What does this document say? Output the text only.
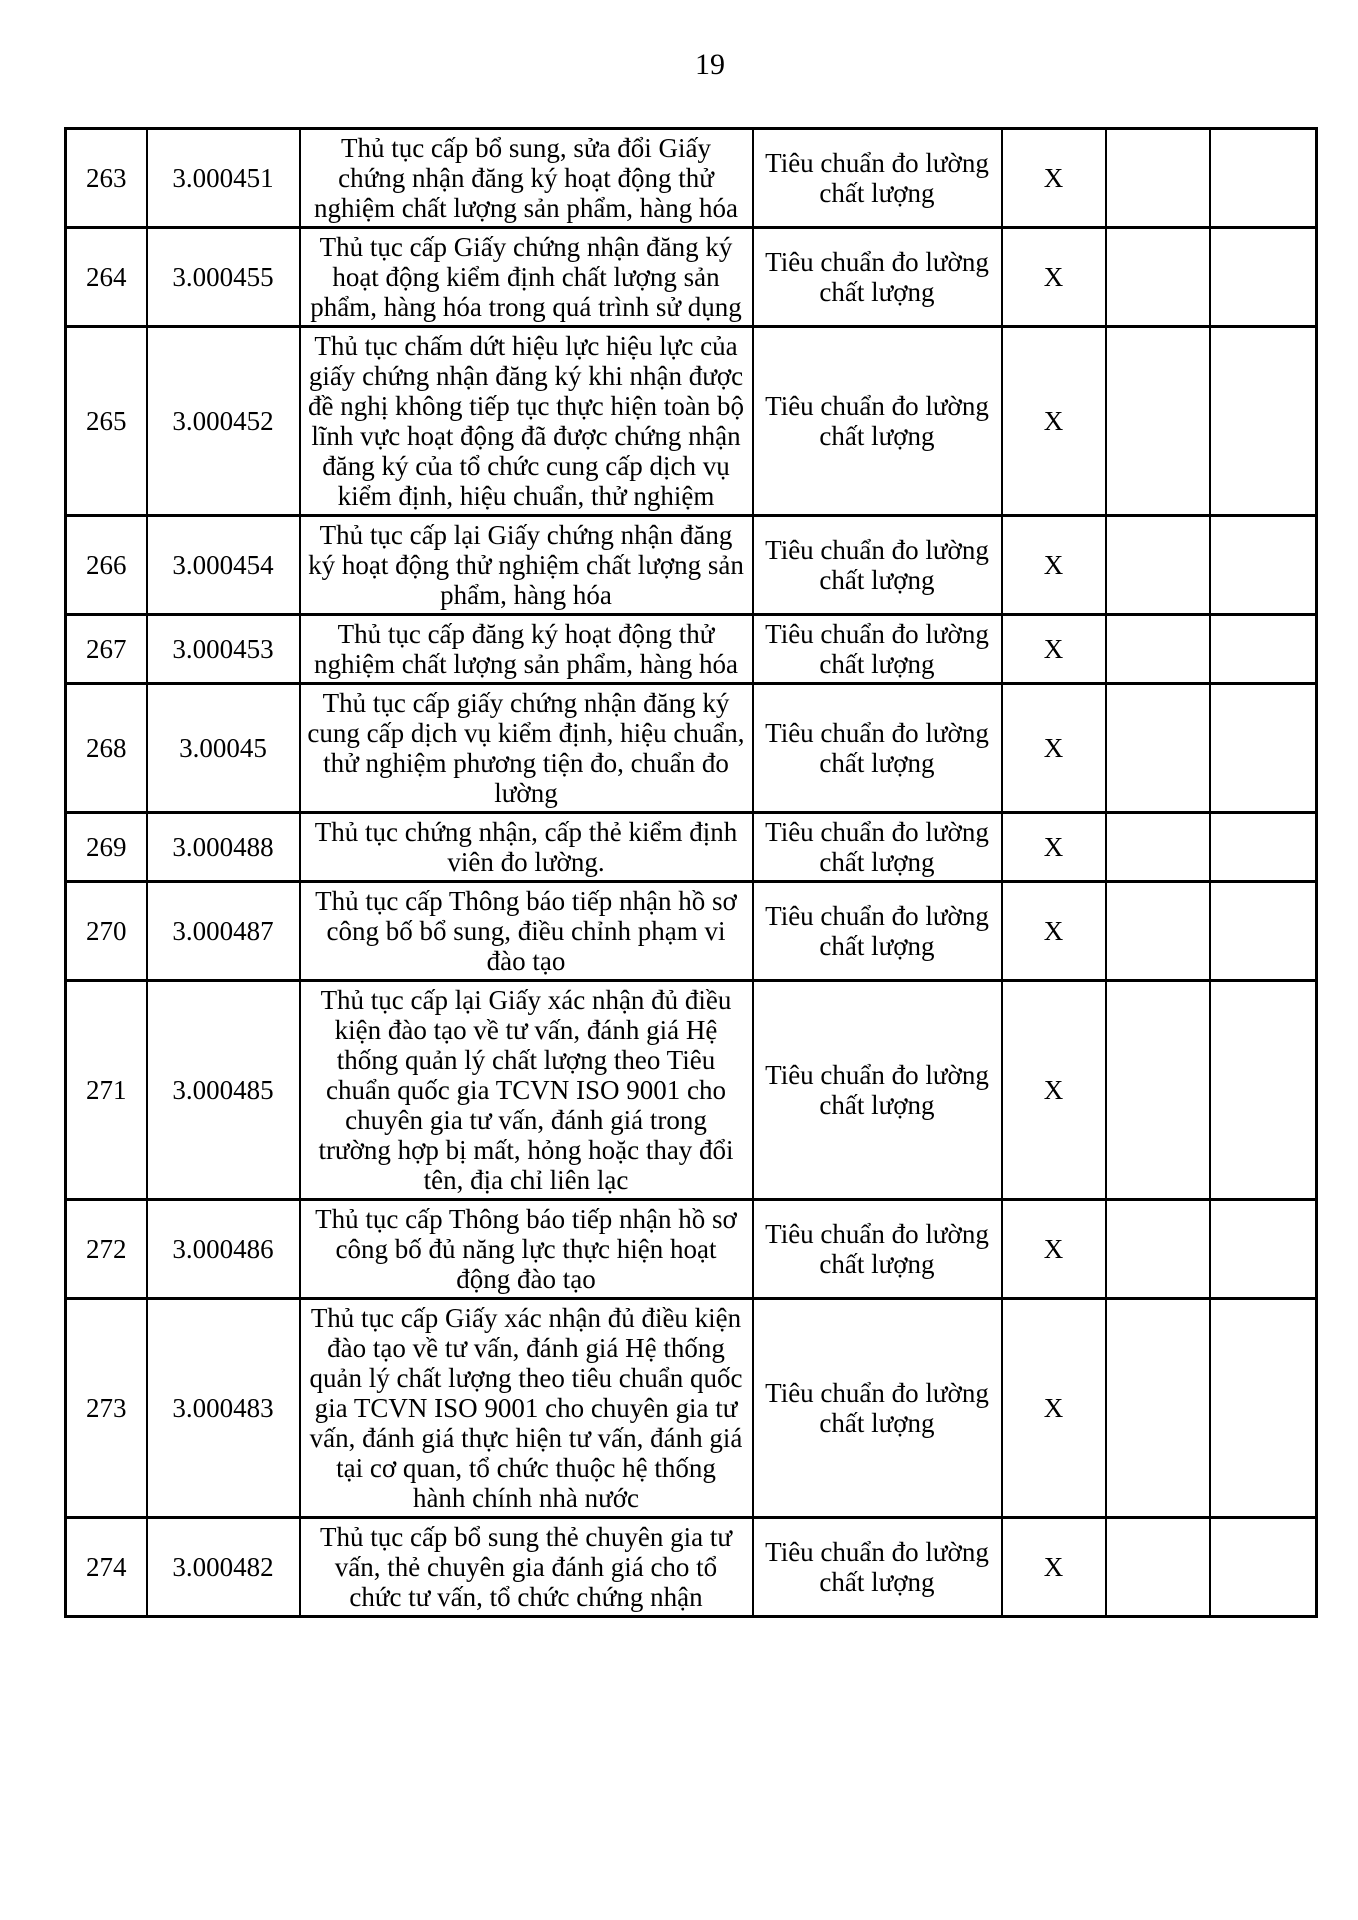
19
263	3.000451	Thủ tục cấp bổ sung, sửa đổi Giấy chứng nhận đăng ký hoạt động thử nghiệm chất lượng sản phẩm, hàng hóa	Tiêu chuẩn đo lường chất lượng	X		
264	3.000455	Thủ tục cấp Giấy chứng nhận đăng ký hoạt động kiểm định chất lượng sản phẩm, hàng hóa trong quá trình sử dụng	Tiêu chuẩn đo lường chất lượng	X		
265	3.000452	Thủ tục chấm dứt hiệu lực hiệu lực của giấy chứng nhận đăng ký khi nhận được đề nghị không tiếp tục thực hiện toàn bộ lĩnh vực hoạt động đã được chứng nhận đăng ký của tổ chức cung cấp dịch vụ kiểm định, hiệu chuẩn, thử nghiệm	Tiêu chuẩn đo lường chất lượng	X		
266	3.000454	Thủ tục cấp lại Giấy chứng nhận đăng ký hoạt động thử nghiệm chất lượng sản phẩm, hàng hóa	Tiêu chuẩn đo lường chất lượng	X		
267	3.000453	Thủ tục cấp đăng ký hoạt động thử nghiệm chất lượng sản phẩm, hàng hóa	Tiêu chuẩn đo lường chất lượng	X		
268	3.00045	Thủ tục cấp giấy chứng nhận đăng ký cung cấp dịch vụ kiểm định, hiệu chuẩn, thử nghiệm phương tiện đo, chuẩn đo lường	Tiêu chuẩn đo lường chất lượng	X		
269	3.000488	Thủ tục chứng nhận, cấp thẻ kiểm định viên đo lường.	Tiêu chuẩn đo lường chất lượng	X		
270	3.000487	Thủ tục cấp Thông báo tiếp nhận hồ sơ công bố bổ sung, điều chỉnh phạm vi đào tạo	Tiêu chuẩn đo lường chất lượng	X		
271	3.000485	Thủ tục cấp lại Giấy xác nhận đủ điều kiện đào tạo về tư vấn, đánh giá Hệ thống quản lý chất lượng theo Tiêu chuẩn quốc gia TCVN ISO 9001 cho chuyên gia tư vấn, đánh giá trong trường hợp bị mất, hỏng hoặc thay đổi tên, địa chỉ liên lạc	Tiêu chuẩn đo lường chất lượng	X		
272	3.000486	Thủ tục cấp Thông báo tiếp nhận hồ sơ công bố đủ năng lực thực hiện hoạt động đào tạo	Tiêu chuẩn đo lường chất lượng	X		
273	3.000483	Thủ tục cấp Giấy xác nhận đủ điều kiện đào tạo về tư vấn, đánh giá Hệ thống quản lý chất lượng theo tiêu chuẩn quốc gia TCVN ISO 9001 cho chuyên gia tư vấn, đánh giá thực hiện tư vấn, đánh giá tại cơ quan, tổ chức thuộc hệ thống hành chính nhà nước	Tiêu chuẩn đo lường chất lượng	X		
274	3.000482	Thủ tục cấp bổ sung thẻ chuyên gia tư vấn, thẻ chuyên gia đánh giá cho tổ chức tư vấn, tổ chức chứng nhận	Tiêu chuẩn đo lường chất lượng	X		
